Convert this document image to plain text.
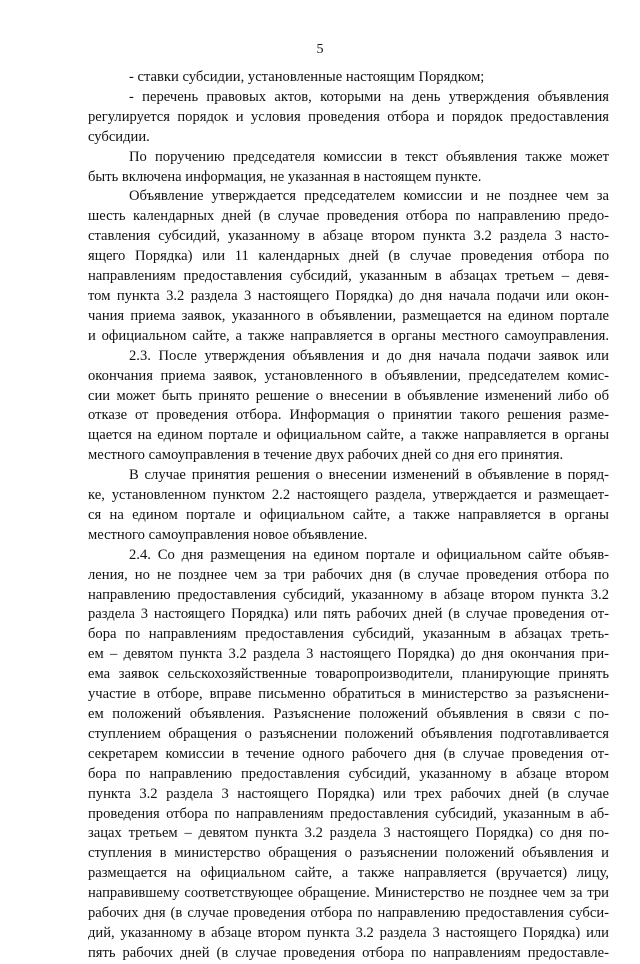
5
- ставки субсидии, установленные настоящим Порядком;
- перечень правовых актов, которыми на день утверждения объявления
регулируется порядок и условия проведения отбора и порядок предоставления
субсидии.
По поручению председателя комиссии в текст объявления также может
быть включена информация, не указанная в настоящем пункте.
Объявление утверждается председателем комиссии и не позднее чем за
шесть календарных дней (в случае проведения отбора по направлению предо-
ставления субсидий, указанному в абзаце втором пункта 3.2 раздела 3 насто-
ящего Порядка) или 11 календарных дней (в случае проведения отбора по
направлениям предоставления субсидий, указанным в абзацах третьем – девя-
том пункта 3.2 раздела 3 настоящего Порядка) до дня начала подачи или окон-
чания приема заявок, указанного в объявлении, размещается на едином портале
и официальном сайте, а также направляется в органы местного самоуправления.
2.3. После утверждения объявления и до дня начала подачи заявок или
окончания приема заявок, установленного в объявлении, председателем комис-
сии может быть принято решение о внесении в объявление изменений либо об
отказе от проведения отбора. Информация о принятии такого решения разме-
щается на едином портале и официальном сайте, а также направляется в органы
местного самоуправления в течение двух рабочих дней со дня его принятия.
В случае принятия решения о внесении изменений в объявление в поряд-
ке, установленном пунктом 2.2 настоящего раздела, утверждается и размещает-
ся на едином портале и официальном сайте, а также направляется в органы
местного самоуправления новое объявление.
2.4. Со дня размещения на едином портале и официальном сайте объяв-
ления, но не позднее чем за три рабочих дня (в случае проведения отбора по
направлению предоставления субсидий, указанному в абзаце втором пункта 3.2
раздела 3 настоящего Порядка) или пять рабочих дней (в случае проведения от-
бора по направлениям предоставления субсидий, указанным в абзацах треть-
ем – девятом пункта 3.2 раздела 3 настоящего Порядка) до дня окончания при-
ема заявок сельскохозяйственные товаропроизводители, планирующие принять
участие в отборе, вправе письменно обратиться в министерство за разъяснени-
ем положений объявления. Разъяснение положений объявления в связи с по-
ступлением обращения о разъяснении положений объявления подготавливается
секретарем комиссии в течение одного рабочего дня (в случае проведения от-
бора по направлению предоставления субсидий, указанному в абзаце втором
пункта 3.2 раздела 3 настоящего Порядка) или трех рабочих дней (в случае
проведения отбора по направлениям предоставления субсидий, указанным в аб-
зацах третьем – девятом пункта 3.2 раздела 3 настоящего Порядка) со дня по-
ступления в министерство обращения о разъяснении положений объявления и
размещается на официальном сайте, а также направляется (вручается) лицу,
направившему соответствующее обращение. Министерство не позднее чем за три
рабочих дня (в случае проведения отбора по направлению предоставления субси-
дий, указанному в абзаце втором пункта 3.2 раздела 3 настоящего Порядка) или
пять рабочих дней (в случае проведения отбора по направлениям предоставле-
